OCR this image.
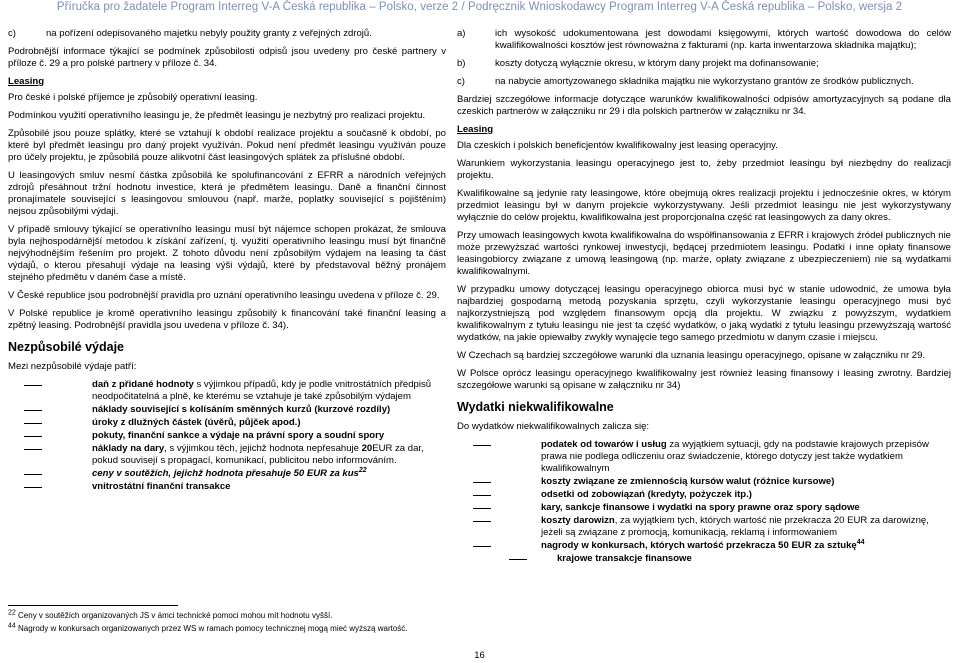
Příručka pro žadatele Program Interreg V-A Česká republika – Polsko, verze 2 / Podręcznik Wnioskodawcy Program Interreg V-A Česká republika – Polsko, wersja 2
c)	na pořízení odepisovaného majetku nebyly použity granty z veřejných zdrojů.

Podrobnější informace týkající se podmínek způsobilosti odpisů jsou uvedeny pro české partnery v příloze č. 29 a pro polské partnery v příloze č. 34.

Leasing

Pro české i polské příjemce je způsobilý operativní leasing.

Podmínkou využití operativního leasingu je, že předmět leasingu je nezbytný pro realizaci projektu.

Způsobilé jsou pouze splátky, které se vztahují k období realizace projektu a současně k období, po které byl předmět leasingu pro daný projekt využíván. Pokud není předmět leasingu využíván pouze pro účely projektu, je způsobilá pouze alikvotní část leasingových splátek za příslušné období.

U leasingových smluv nesmí částka způsobilá ke spolufinancování z EFRR a národních veřejných zdrojů přesáhnout tržní hodnotu investice, která je předmětem leasingu. Daně a finanční činnost pronajímatele související s leasingovou smlouvou (např. marže, poplatky související s pojištěním) nejsou způsobilými výdaji.

V případě smlouvy týkající se operativního leasingu musí být nájemce schopen prokázat, že smlouva byla nejhospodárnější metodou k získání zařízení, tj. využití operativního leasingu musí být finančně nejvýhodnějším řešením pro projekt. Z tohoto důvodu není způsobilým výdajem na leasing ta část výdajů, o kterou přesahují výdaje na leasing výši výdajů, které by představoval běžný pronájem stejného předmětu v daném čase a místě.

V České republice jsou podrobnější pravidla pro uznání operativního leasingu uvedena v příloze č. 29.

V Polské republice je kromě operativního leasingu způsobilý k financování také finanční leasing a zpětný leasing. Podrobnější pravidla jsou uvedena v příloze č. 34).

Nezpůsobilé výdaje

Mezi nezpůsobilé výdaje patří:

daň z přidané hodnoty s výjimkou případů, kdy je podle vnitrostátních předpisů neodpočitatelná a plně, ke kterému se vztahuje je také způsobilým výdajem
náklady související s kolísáním směnných kurzů (kurzové rozdíly)
úroky z dlužných částek (úvěrů, půjček apod.)
pokuty, finanční sankce a výdaje na právní spory a soudní spory
náklady na dary, s výjimkou těch, jejichž hodnota nepřesahuje 20EUR za dar, pokud souvisejí s propagací, komunikací, publicitou nebo informováním.
ceny v soutěžích, jejichž hodnota přesahuje 50 EUR za kus$^{22}$
vnitrostátní finanční transakce
a)	ich wysokość udokumentowana jest dowodami księgowymi, których wartość dowodowa do celów kwalifikowalności kosztów jest równoważna z fakturami (np. karta inwentarzowa składnika majątku);
b)	koszty dotyczą wyłącznie okresu, w którym dany projekt ma dofinansowanie;
c)	na nabycie amortyzowanego składnika majątku nie wykorzystano grantów ze środków publicznych.

Bardziej szczegółowe informacje dotyczące warunków kwalifikowalności odpisów amortyzacyjnych są podane dla czeskich partnerów w załączniku nr 29 i dla polskich partnerów w załączniku nr 34.

Leasing

Dla czeskich i polskich beneficjentów kwalifikowalny jest leasing operacyjny.

Warunkiem wykorzystania leasingu operacyjnego jest to, żeby przedmiot leasingu był niezbędny do realizacji projektu.

Kwalifikowalne są jedynie raty leasingowe, które obejmują okres realizacji projektu i jednocześnie okres, w którym przedmiot leasingu był w danym projekcie wykorzystywany. Jeśli przedmiot leasingu nie jest wykorzystywany wyłącznie do celów projektu, kwalifikowalna jest proporcjonalna część rat leasingowych za dany okres.

Przy umowach leasingowych kwota kwalifikowalna do współfinansowania z EFRR i krajowych źródeł publicznych nie może przewyższać wartości rynkowej inwestycji, będącej przedmiotem leasingu. Podatki i inne opłaty finansowe leasingobiorcy związane z umową leasingową (np. marże, opłaty związane z ubezpieczeniem) nie są wydatkami kwalifikowalnymi.

W przypadku umowy dotyczącej leasingu operacyjnego obiorca musi być w stanie udowodnić, że umowa była najbardziej gospodarną metodą pozyskania sprzętu, czyli wykorzystanie leasingu operacyjnego musi być najkorzystniejszą pod względem finansowym opcją dla projektu. W związku z powyższym, wydatkiem kwalifikowalnym z tytułu leasingu nie jest ta część wydatków, o jaką wydatki z tytułu leasingu przewyższają wartość wydatków, na jakie opiewałby zwykły wynajęcie tego samego przedmiotu w danym czasie i miejscu.

W Czechach są bardziej szczegółowe warunki dla uznania leasingu operacyjnego, opisane w załączniku nr 29.

W Polsce oprócz leasingu operacyjnego kwalifikowalny jest również leasing finansowy i leasing zwrotny. Bardziej szczegółowe warunki są opisane w załączniku nr 34)

Wydatki niekwalifikowalne

Do wydatków niekwalifikowalnych zalicza się:

podatek od towarów i usług za wyjątkiem sytuacji, gdy na podstawie krajowych przepisów prawa nie podlega odliczeniu oraz świadczenie, którego dotyczy jest także wydatkiem kwalifikowalnym
koszty związane ze zmiennością kursów walut (różnice kursowe)
odsetki od zobowiązań (kredyty, pożyczek itp.)
kary, sankcje finansowe i wydatki na spory prawne oraz spory sądowe
koszty darowizn, za wyjątkiem tych, których wartość nie przekracza 20 EUR za darowiznę, jeżeli są związane z promocją, komunikacją, reklamą i informowaniem
nagrody w konkursach, których wartość przekracza 50 EUR za sztukę$^{44}$
krajowe transakcje finansowe
$^{22}$ Ceny v soutěžích organizovaných JS v ámci technické pomoci mohou mít hodnotu vyšší.
$^{44}$ Nagrody w konkursach organizowanych przez WS w ramach pomocy technicznej mogą mieć wyższą wartość.
16
